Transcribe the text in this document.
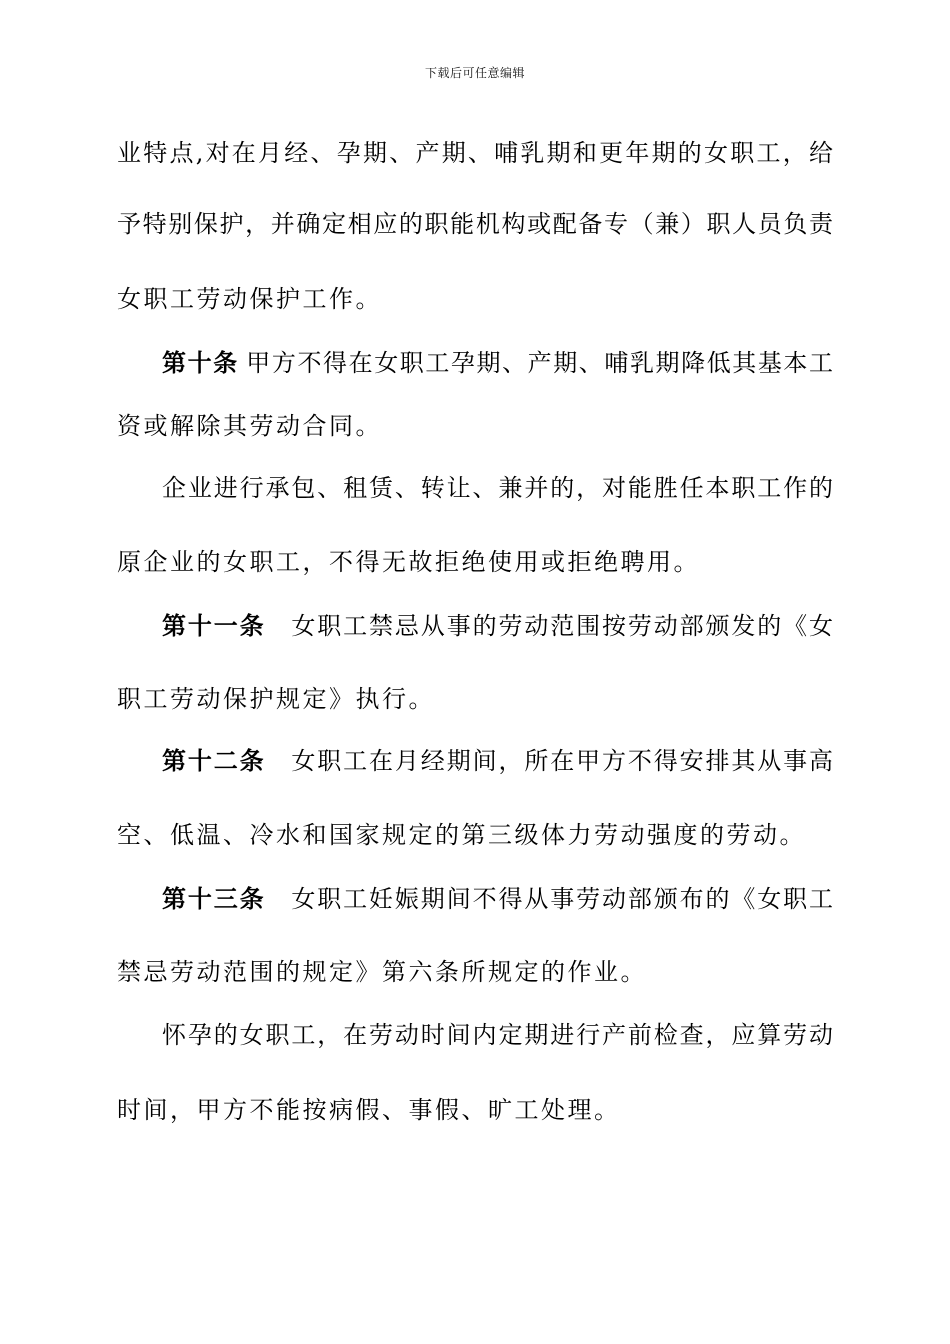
下载后可任意编辑
业特点,对在月经、孕期、产期、哺乳期和更年期的女职工，给
予特别保护，并确定相应的职能机构或配备专（兼）职人员负责
女职工劳动保护工作。
第十条  甲方不得在女职工孕期、产期、哺乳期降低其基本工
资或解除其劳动合同。
企业进行承包、租赁、转让、兼并的，对能胜任本职工作的
原企业的女职工，不得无故拒绝使用或拒绝聘用。
第十一条  女职工禁忌从事的劳动范围按劳动部颁发的《女
职工劳动保护规定》执行。
第十二条  女职工在月经期间，所在甲方不得安排其从事高
空、低温、冷水和国家规定的第三级体力劳动强度的劳动。
第十三条  女职工妊娠期间不得从事劳动部颁布的《女职工
禁忌劳动范围的规定》第六条所规定的作业。
怀孕的女职工，在劳动时间内定期进行产前检查，应算劳动
时间，甲方不能按病假、事假、旷工处理。
